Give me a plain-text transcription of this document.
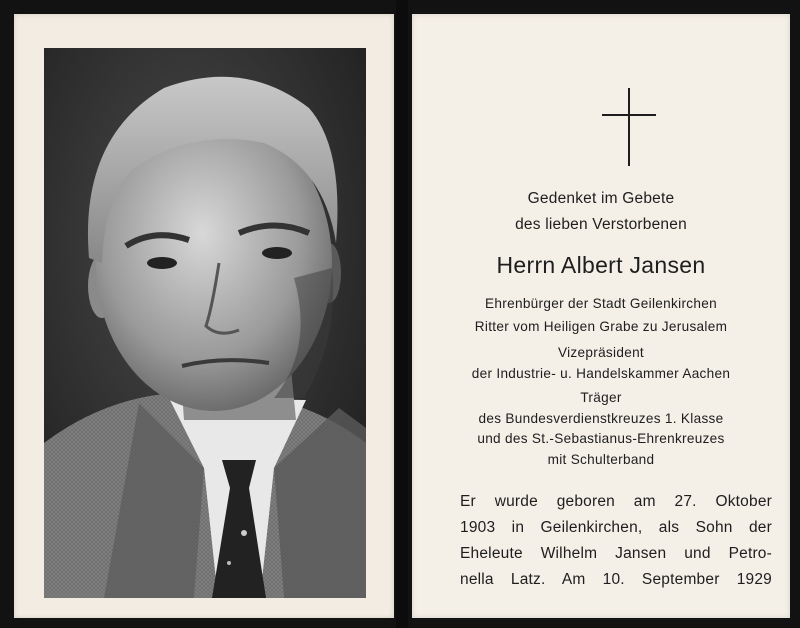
Gedenket im Gebete
des lieben Verstorbenen
Herrn Albert Jansen
Ehrenbürger der Stadt Geilenkirchen
Ritter vom Heiligen Grabe zu Jerusalem
Vizepräsident
der Industrie- u. Handelskammer Aachen
Träger
des Bundesverdienstkreuzes 1. Klasse
und des St.-Sebastianus-Ehrenkreuzes
mit Schulterband
Er wurde geboren am 27. Oktober
1903 in Geilenkirchen, als Sohn der
Eheleute Wilhelm Jansen und Petro-
nella Latz. Am 10. September 1929
